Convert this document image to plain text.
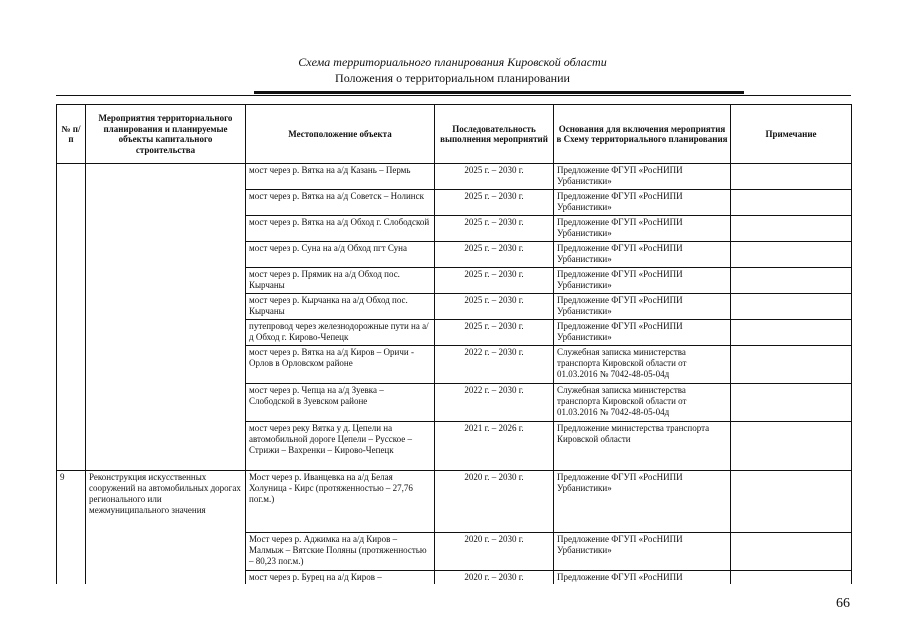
Схема территориального планирования Кировской области
Положения о территориальном планировании
№ п/п	Мероприятия территориального планирования и планируемые объекты капитального строительства	Местоположение объекта	Последовательность выполнения мероприятий	Основания для включения мероприятия в Схему территориального планирования	Примечание
		мост через р. Вятка на а/д Казань – Пермь	2025 г. – 2030 г.	Предложение ФГУП «РосНИПИ Урбанистики»	
		мост через р. Вятка на а/д Советск – Нолинск	2025 г. – 2030 г.	Предложение ФГУП «РосНИПИ Урбанистики»	
		мост через р. Вятка на а/д Обход г. Слободской	2025 г. – 2030 г.	Предложение ФГУП «РосНИПИ Урбанистики»	
		мост через р. Суна на а/д Обход пгт Суна	2025 г. – 2030 г.	Предложение ФГУП «РосНИПИ Урбанистики»	
		мост через р. Прямик на а/д Обход пос. Кырчаны	2025 г. – 2030 г.	Предложение ФГУП «РосНИПИ Урбанистики»	
		мост через р. Кырчанка на а/д Обход пос. Кырчаны	2025 г. – 2030 г.	Предложение ФГУП «РосНИПИ Урбанистики»	
		путепровод через железнодорожные пути на а/д Обход г. Кирово-Чепецк	2025 г. – 2030 г.	Предложение ФГУП «РосНИПИ Урбанистики»	
		мост через р. Вятка на а/д Киров – Оричи - Орлов в Орловском районе	2022 г. – 2030 г.	Служебная записка министерства транспорта Кировской области от 01.03.2016 № 7042-48-05-04д	
		мост через р. Чепца на а/д Зуевка – Слободской в Зуевском районе	2022 г. – 2030 г.	Служебная записка министерства транспорта Кировской области от 01.03.2016 № 7042-48-05-04д	
		мост через реку Вятка у д. Цепели на автомобильной дороге Цепели – Русское – Стрижи – Вахренки – Кирово-Чепецк	2021 г. – 2026 г.	Предложение министерства транспорта Кировской области	
9	Реконструкция искусственных сооружений на автомобильных дорогах регионального или межмуниципального значения	Мост через р. Иванцевка на а/д Белая Холуница - Кирс (протяженностью – 27,76 пог.м.)	2020 г. – 2030 г.	Предложение ФГУП «РосНИПИ Урбанистики»	
		Мост через р. Аджимка на а/д Киров – Малмыж – Вятские Поляны (протяженностью – 80,23 пог.м.)	2020 г. – 2030 г.	Предложение ФГУП «РосНИПИ Урбанистики»	
		мост через р. Бурец на а/д Киров –	2020 г. – 2030 г.	Предложение ФГУП «РосНИПИ	
66
